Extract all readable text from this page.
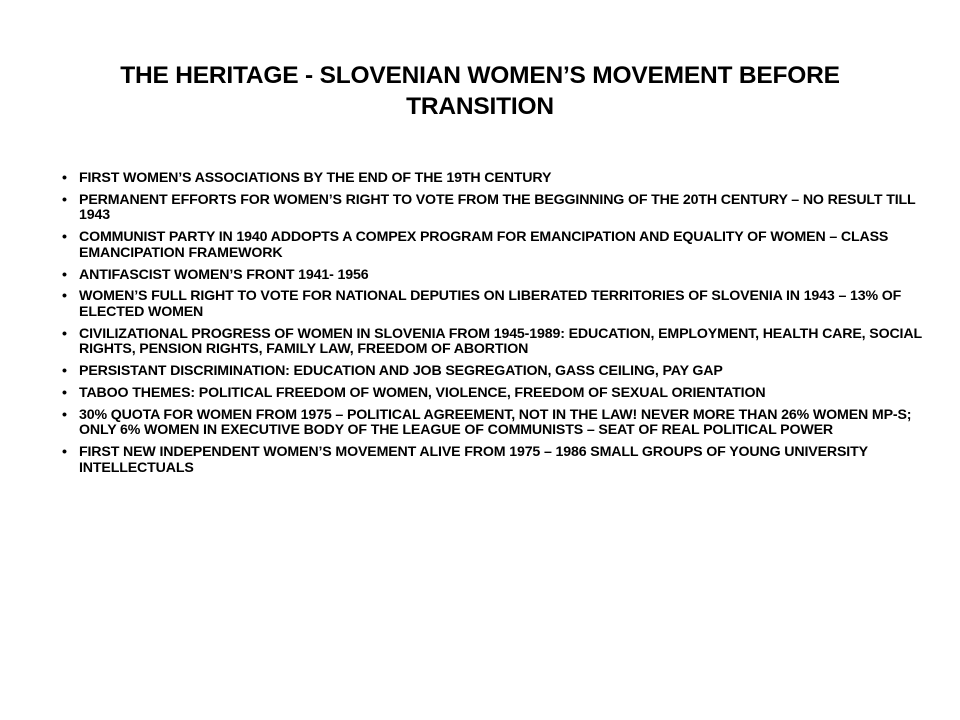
THE HERITAGE - SLOVENIAN WOMEN’S MOVEMENT BEFORE TRANSITION
• FIRST WOMEN’S ASSOCIATIONS BY THE END OF THE 19TH CENTURY
• PERMANENT EFFORTS FOR WOMEN’S RIGHT TO VOTE FROM THE BEGGINNING OF THE 20TH CENTURY – NO RESULT TILL 1943
• COMMUNIST PARTY IN 1940 ADDOPTS A COMPEX PROGRAM FOR EMANCIPATION AND EQUALITY OF WOMEN – CLASS EMANCIPATION FRAMEWORK
• ANTIFASCIST WOMEN’S FRONT 1941- 1956
• WOMEN’S FULL RIGHT TO VOTE FOR NATIONAL DEPUTIES ON LIBERATED TERRITORIES OF SLOVENIA IN 1943 – 13% OF ELECTED WOMEN
• CIVILIZATIONAL PROGRESS OF WOMEN IN SLOVENIA FROM 1945-1989: EDUCATION, EMPLOYMENT, HEALTH CARE, SOCIAL RIGHTS, PENSION RIGHTS, FAMILY LAW, FREEDOM OF ABORTION
• PERSISTANT DISCRIMINATION: EDUCATION AND JOB SEGREGATION, GASS CEILING, PAY GAP
• TABOO THEMES: POLITICAL FREEDOM OF WOMEN, VIOLENCE, FREEDOM OF SEXUAL ORIENTATION
• 30% QUOTA FOR WOMEN FROM 1975 – POLITICAL AGREEMENT, NOT IN THE LAW! NEVER MORE THAN 26% WOMEN MP-S; ONLY 6% WOMEN IN EXECUTIVE BODY OF THE LEAGUE OF COMMUNISTS – SEAT OF REAL POLITICAL POWER
• FIRST NEW INDEPENDENT WOMEN’S MOVEMENT ALIVE FROM 1975 – 1986 SMALL GROUPS OF YOUNG UNIVERSITY INTELLECTUALS
